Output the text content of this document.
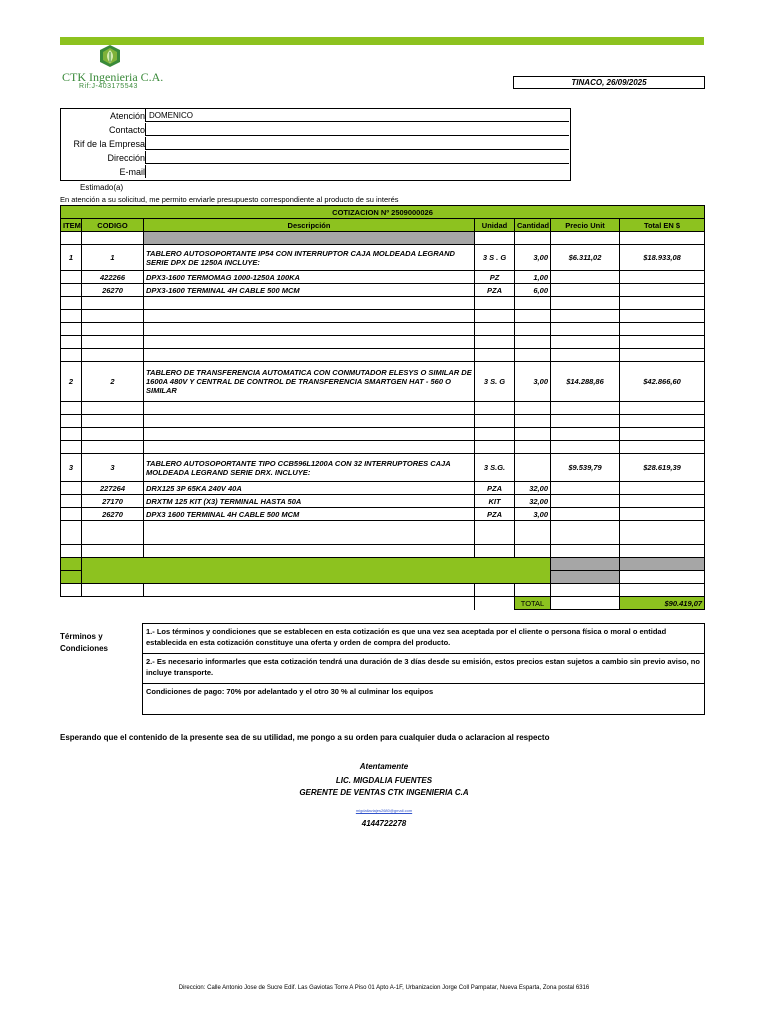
CTK Ingenieria C.A.
Rif:J-403175543	TINACO, 26/09/2025
Atención DOMENICO
Contacto
Rif de la Empresa
Dirección
E-mail
Estimado(a)
En atención a su solicitud, me permito enviarle presupuesto correspondiente al producto de su interés
COTIZACION Nº 2509000026						
ITEM	CODIGO	Descripción	Unidad	Cantidad	Precio Unit	Total EN $

1	1	TABLERO AUTOSOPORTANTE IP54 CON INTERRUPTOR CAJA MOLDEADA LEGRAND SERIE DPX DE 1250A INCLUYE:	3 S . G	3,00	$6.311,02	$18.933,08
	422266	DPX3-1600 TERMOMAG 1000-1250A 100KA	PZ	1,00		
	26270	DPX3-1600 TERMINAL 4H CABLE 500 MCM	PZA	6,00		

2	2	TABLERO DE TRANSFERENCIA AUTOMATICA CON CONMUTADOR ELESYS O SIMILAR DE 1600A 480V Y CENTRAL DE CONTROL DE TRANSFERENCIA SMARTGEN HAT - 560 O SIMILAR	3 S. G	3,00	$14.288,86	$42.866,60

3	3	TABLERO AUTOSOPORTANTE TIPO CCB596L1200A CON 32 INTERRUPTORES CAJA MOLDEADA LEGRAND SERIE DRX. INCLUYE:	3 S.G.		$9.539,79	$28.619,39
	227264	DRX125 3P 65KA 240V 40A	PZA	32,00		
	27170	DRXTM 125 KIT (X3) TERMINAL HASTA 50A	KIT	32,00		
	26270	DPX3 1600 TERMINAL 4H CABLE 500 MCM	PZA	3,00		

				TOTAL		$90.419,07
Términos y Condiciones
1.- Los términos y condiciones que se establecen en esta cotización es que una vez sea aceptada por el cliente o persona física o moral o entidad establecida en esta cotización constituye una oferta y orden de compra del producto.
2.- Es necesario informarles que esta cotización tendrá una duración de 3 días desde su emisión, estos precios estan sujetos a cambio sin previo aviso, no incluye transporte.
Condiciones de pago: 70% por adelantado y el otro 30 % al culminar los equipos
Esperando que el contenido de la presente sea de su utilidad, me pongo a su orden para cualquier duda o aclaracion al respecto
Atentamente
LIC. MIGDALIA FUENTES
GERENTE DE VENTAS CTK INGENIERIA C.A
migdaliaviajes2680@gmail.com
4144722278
Direccion: Calle Antonio Jose de Sucre Edif. Las Gaviotas Torre A Piso 01 Apto A-1F, Urbanizacion Jorge Coll Pampatar, Nueva Esparta, Zona postal 6316
